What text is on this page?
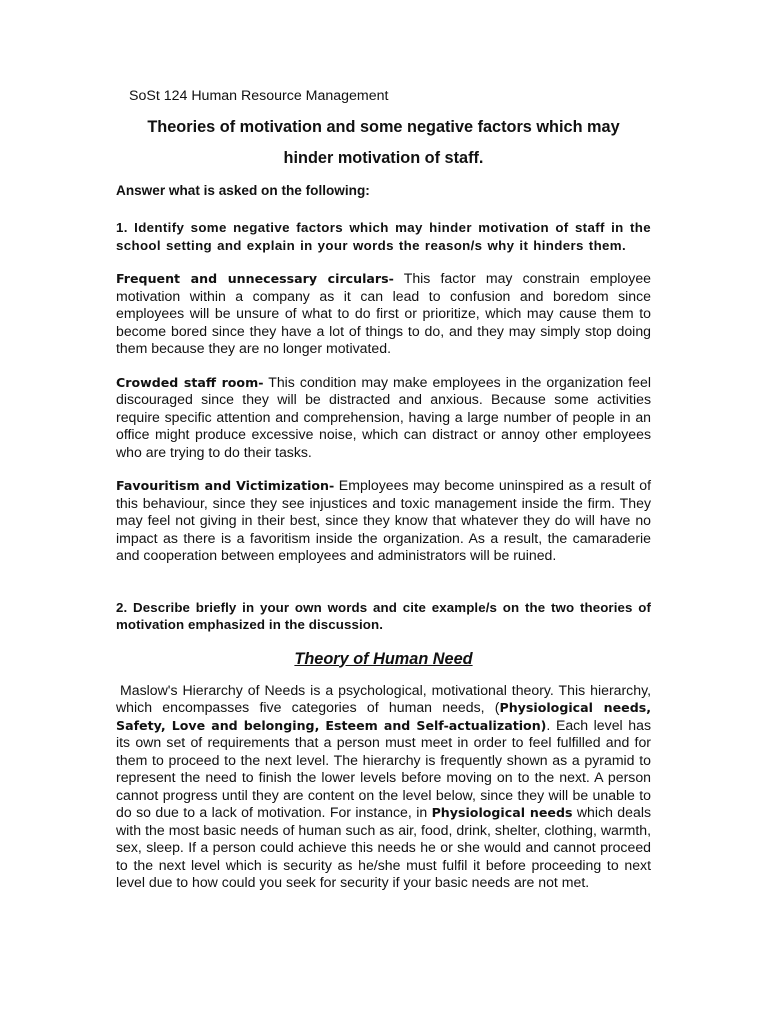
SoSt 124 Human Resource Management

Theories of motivation and some negative factors which may
hinder motivation of staff.

Answer what is asked on the following:
1. Identify some negative factors which may hinder motivation of staff in the school setting and explain in your words the reason/s why it hinders them.

Frequent and unnecessary circulars- This factor may constrain employee motivation within a company as it can lead to confusion and boredom since employees will be unsure of what to do first or prioritize, which may cause them to become bored since they have a lot of things to do, and they may simply stop doing them because they are no longer motivated.

Crowded staff room- This condition may make employees in the organization feel discouraged since they will be distracted and anxious. Because some activities require specific attention and comprehension, having a large number of people in an office might produce excessive noise, which can distract or annoy other employees who are trying to do their tasks.

Favouritism and Victimization- Employees may become uninspired as a result of this behaviour, since they see injustices and toxic management inside the firm. They may feel not giving in their best, since they know that whatever they do will have no impact as there is a favoritism inside the organization. As a result, the camaraderie and cooperation between employees and administrators will be ruined.

2. Describe briefly in your own words and cite example/s on the two theories of motivation emphasized in the discussion.

Theory of Human Need

Maslow's Hierarchy of Needs is a psychological, motivational theory. This hierarchy, which encompasses five categories of human needs, (Physiological needs, Safety, Love and belonging, Esteem and Self-actualization). Each level has its own set of requirements that a person must meet in order to feel fulfilled and for them to proceed to the next level. The hierarchy is frequently shown as a pyramid to represent the need to finish the lower levels before moving on to the next. A person cannot progress until they are content on the level below, since they will be unable to do so due to a lack of motivation. For instance, in Physiological needs which deals with the most basic needs of human such as air, food, drink, shelter, clothing, warmth, sex, sleep. If a person could achieve this needs he or she would and cannot proceed to the next level which is security as he/she must fulfil it before proceeding to next level due to how could you seek for security if your basic needs are not met.
